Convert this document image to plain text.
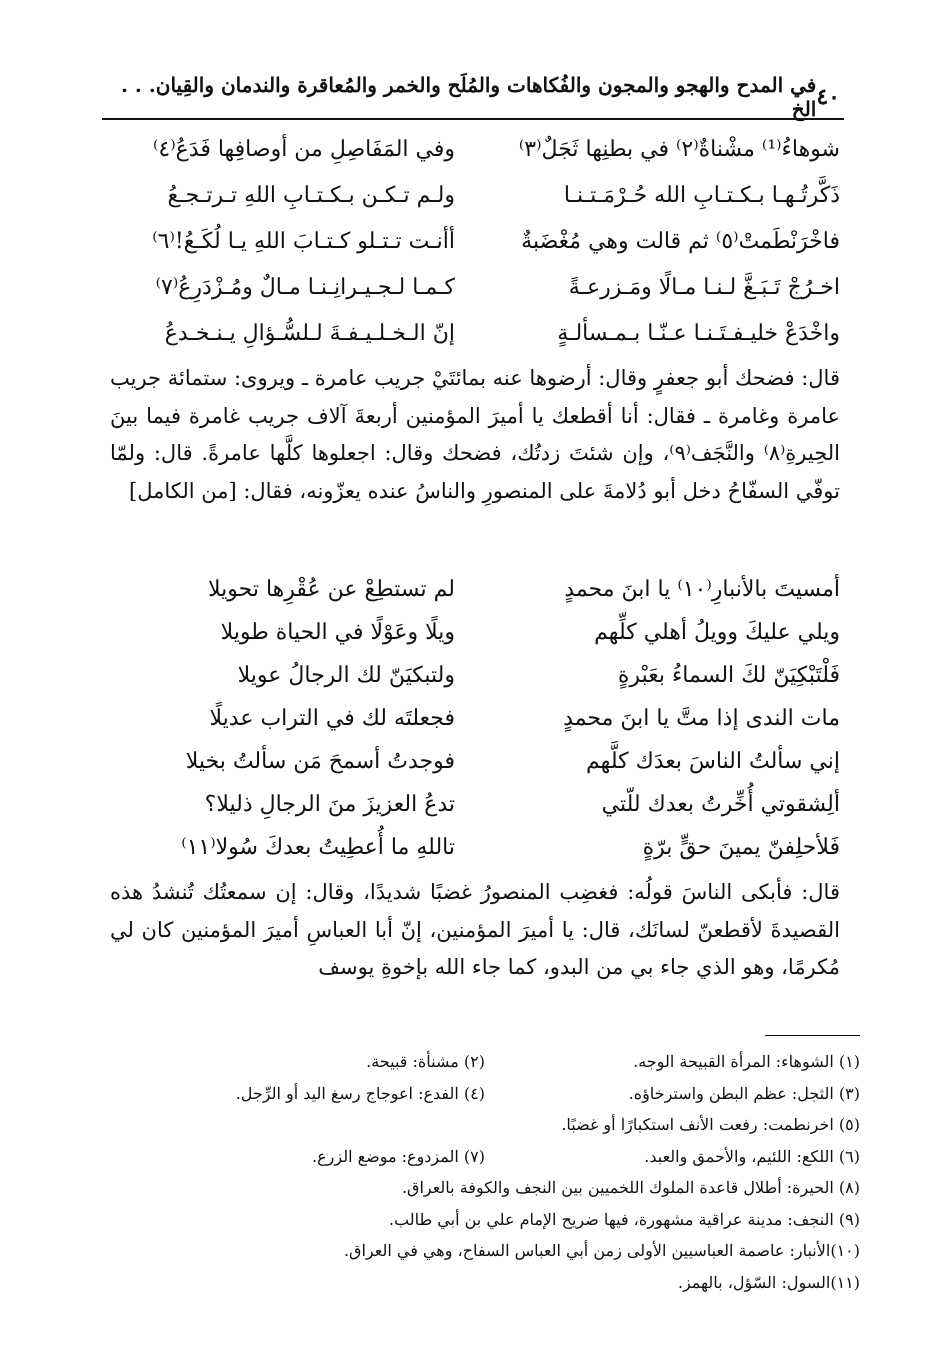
٤٠
في المدح والهجو والمجون والفُكاهات والمُلَح والخمر والمُعاقرة والندمان والقِيان. . . الخ
شوهاءُ⁽¹⁾ مشْناةٌ⁽٢⁾ في بطنِها ثَجَلٌ⁽٣⁾
وفي المَفَاصِلِ من أوصافِها فَدَعُ⁽٤⁾
ذَكَّرتُـهـا بـكـتـابِ الله حُـرْمَـتـنـا
ولـم تـكـن بـكـتـابِ اللهِ تـرتـجـعُ
فاخْرَنْطَمتْ⁽٥⁾ ثم قالت وهي مُغْضَبةٌ
أأنـت تـتـلو كـتـابَ اللهِ يـا لُكَـعُ!⁽٦⁾
اخـرُجْ تَـبَـغَّ لـنـا مـالًا ومَـزرعـةً
كـمـا لـجـيـرانِـنـا مـالٌ ومُـزْدَرِعُ⁽٧⁾
واخْدَعْ خليـفـتَـنـا عـنّـا بـمـسألـةٍ
إنّ الـخـلـيـفـةَ لـلسُّـؤالِ يـنـخـدعُ

قال: فضحك أبو جعفرٍ وقال: أرضوها عنه بمائتَيْ جريب عامرة ـ ويروى: ستمائة جريب عامرة وغامرة ـ فقال: أنا أقطعك يا أميرَ المؤمنين أربعةَ آلاف جريب غامرة فيما بينَ الحِيرةِ⁽٨⁾ والنَّجَف⁽٩⁾، وإن شئتَ زدتُك، فضحك وقال: اجعلوها كلَّها عامرةً. قال: ولمّا توفّي السفّاحُ دخل أبو دُلامةَ على المنصورِ والناسُ عنده يعزّونه، فقال: [من الكامل]

أمسيتَ بالأنبارِ⁽١٠⁾ يا ابنَ محمدٍ
لم تستطِعْ عن عُقْرِها تحويلا
ويلي عليكَ وويلُ أهلي كلِّهم
ويلًا وعَوْلًا في الحياة طويلا
فَلْتَبْكِيَنّ لكَ السماءُ بعَبْرةٍ
ولتبكيَنّ لك الرجالُ عويلا
مات الندى إذا متَّ يا ابنَ محمدٍ
فجعلتَه لك في التراب عديلًا
إني سألتُ الناسَ بعدَك كلَّهم
فوجدتُ أسمحَ مَن سألتُ بخيلا
ألِشقوتي أُخِّرتُ بعدك للّتي
تدعُ العزيزَ منَ الرجالِ ذليلا؟
فَلأحلِفنّ يمينَ حقٍّ برّةٍ
تاللهِ ما أُعطِيتُ بعدكَ سُولا⁽١١⁾

قال: فأبكى الناسَ قولُه: فغضِب المنصورُ غضبًا شديدًا، وقال: إن سمعتُك تُنشدُ هذه القصيدةَ لأقطعنّ لسانَك، قال: يا أميرَ المؤمنين، إنّ أبا العباسِ أميرَ المؤمنين كان لي مُكرمًا، وهو الذي جاء بي من البدو، كما جاء الله بإخوةِ يوسف

(١) الشوهاء: المرأة القبيحة الوجه.
(٢) مشنأة: قبيحة.
(٣) الثجل: عظم البطن واسترخاؤه.
(٤) الفدع: اعوجاج رسغ اليد أو الرِّجل.
(٥) اخرنطمت: رفعت الأنف استكبارًا أو غضبًا.
(٦) اللكع: اللئيم، والأحمق والعبد.
(٧) المزدوع: موضع الزرع.
(٨) الحيرة: أطلال قاعدة الملوك اللخميين بين النجف والكوفة بالعراق.
(٩) النجف: مدينة عراقية مشهورة، فيها ضريح الإمام علي بن أبي طالب.
(١٠)الأنبار: عاصمة العباسيين الأولى زمن أبي العباس السفاح، وهي في العراق.
(١١)السول: السّؤل، بالهمز.
